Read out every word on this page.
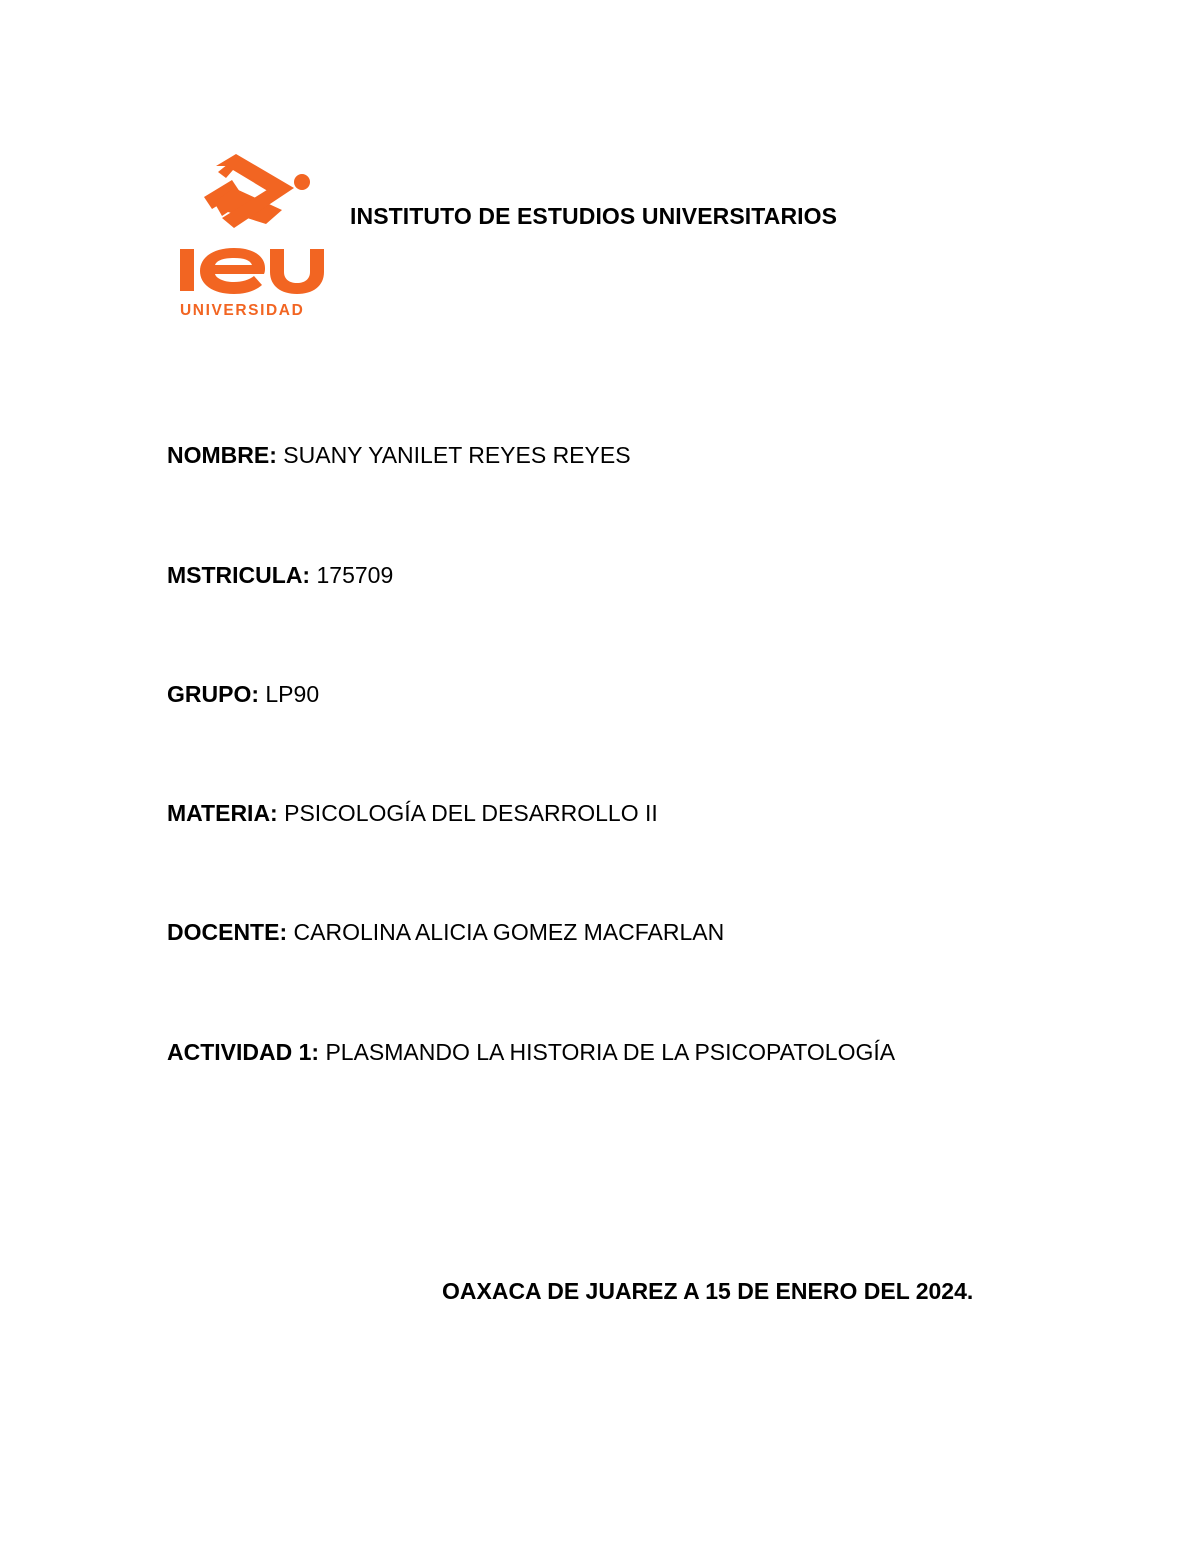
UNIVERSIDAD
INSTITUTO DE ESTUDIOS UNIVERSITARIOS
NOMBRE: SUANY YANILET REYES REYES
MSTRICULA: 175709
GRUPO: LP90
MATERIA: PSICOLOGÍA DEL DESARROLLO II
DOCENTE: CAROLINA ALICIA GOMEZ MACFARLAN
ACTIVIDAD 1: PLASMANDO LA HISTORIA DE LA PSICOPATOLOGÍA
OAXACA DE JUAREZ A 15 DE ENERO DEL 2024.
